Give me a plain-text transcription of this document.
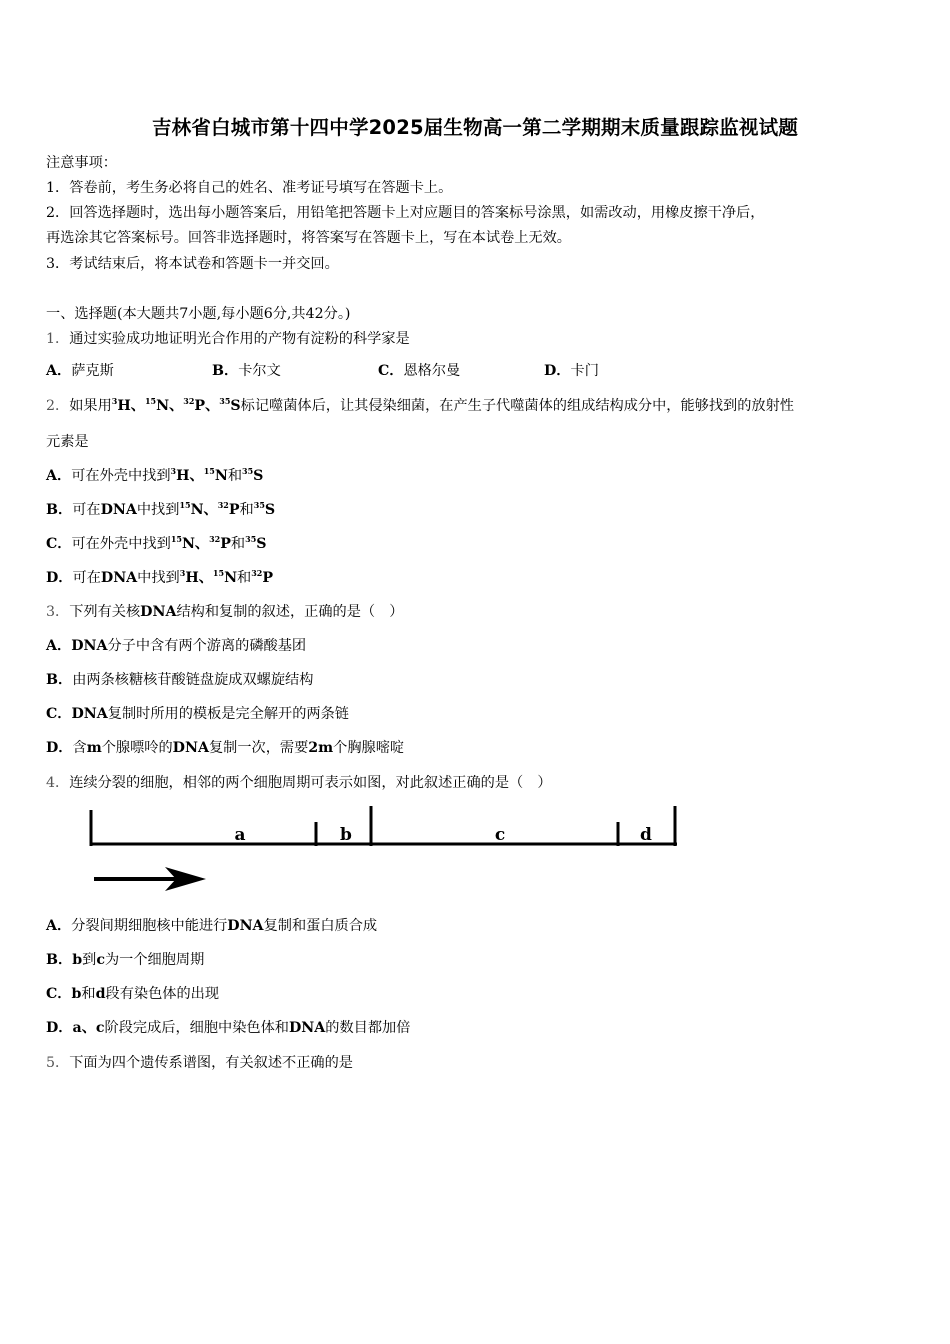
吉林省白城市第十四中学2025届生物高一第二学期期末质量跟踪监视试题
注意事项：
1．答卷前，考生务必将自己的姓名、准考证号填写在答题卡上。
2．回答选择题时，选出每小题答案后，用铅笔把答题卡上对应题目的答案标号涂黑，如需改动，用橡皮擦干净后，
再选涂其它答案标号。回答非选择题时，将答案写在答题卡上，写在本试卷上无效。
3．考试结束后，将本试卷和答题卡一并交回。
一、选择题(本大题共7小题,每小题6分,共42分。)
1．通过实验成功地证明光合作用的产物有淀粉的科学家是
A．萨克斯	B．卡尔文	C．恩格尔曼	D．卡门
2．如果用$^3$H、$^{15}$N、$^{32}$P、$^{35}$S标记噬菌体后，让其侵染细菌，在产生子代噬菌体的组成结构成分中，能够找到的放射性
元素是
A．可在外壳中找到$^3$H、$^{15}$N和$^{35}$S
B．可在DNA中找到$^{15}$N、$^{32}$P和$^{35}$S
C．可在外壳中找到$^{15}$N、$^{32}$P和$^{35}$S
D．可在DNA中找到$^3$H、$^{15}$N和$^{32}$P
3．下列有关核DNA结构和复制的叙述，正确的是（　）
A．DNA分子中含有两个游离的磷酸基团
B．由两条核糖核苷酸链盘旋成双螺旋结构
C．DNA复制时所用的模板是完全解开的两条链
D．含m个腺嘌呤的DNA复制一次，需要2m个胸腺嘧啶
4．连续分裂的细胞，相邻的两个细胞周期可表示如图，对此叙述正确的是（　）
a	b	c	d
A．分裂间期细胞核中能进行DNA复制和蛋白质合成
B．b到c为一个细胞周期
C．b和d段有染色体的出现
D．a、c阶段完成后，细胞中染色体和DNA的数目都加倍
5．下面为四个遗传系谱图，有关叙述不正确的是
